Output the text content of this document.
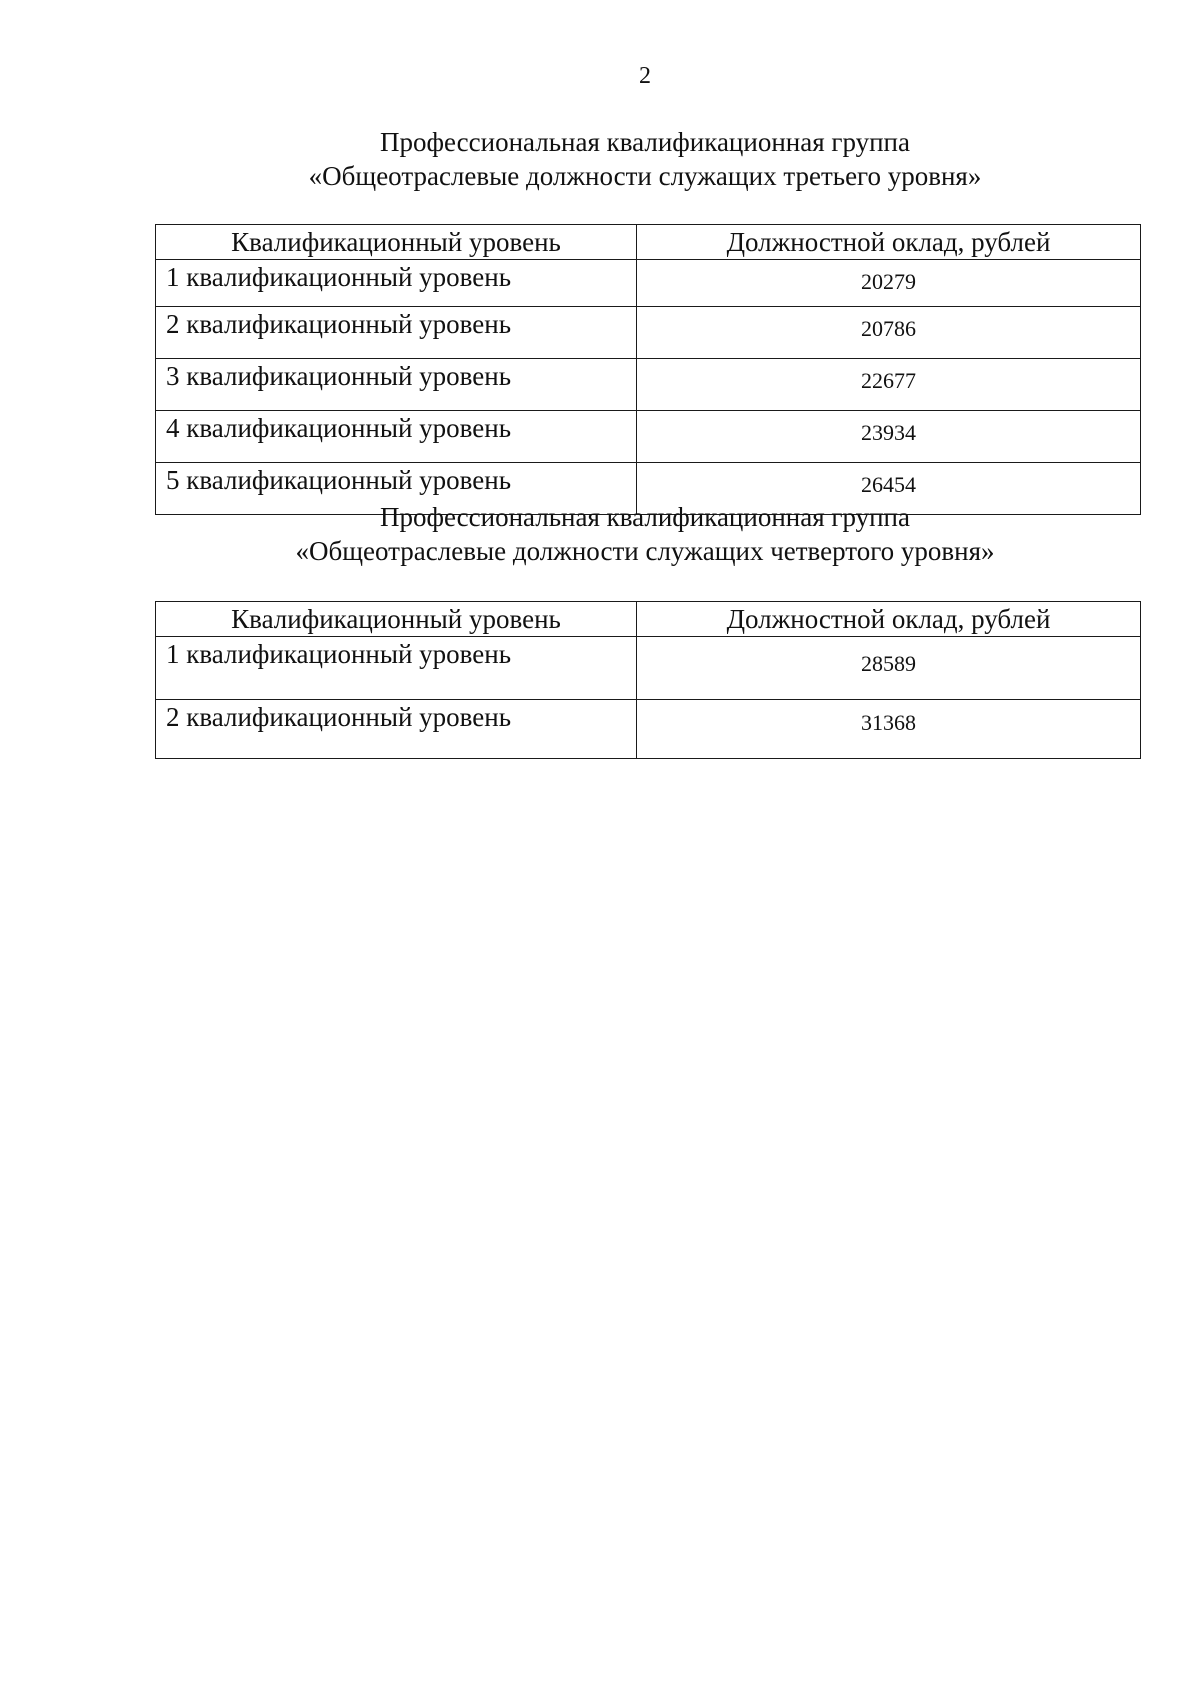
2
Профессиональная квалификационная группа
«Общеотраслевые должности служащих третьего уровня»
Квалификационный уровень	Должностной оклад, рублей
1 квалификационный уровень	20279
2 квалификационный уровень	20786
3 квалификационный уровень	22677
4 квалификационный уровень	23934
5 квалификационный уровень	26454
Профессиональная квалификационная группа
«Общеотраслевые должности служащих четвертого уровня»
Квалификационный уровень	Должностной оклад, рублей
1 квалификационный уровень	28589
2 квалификационный уровень	31368
